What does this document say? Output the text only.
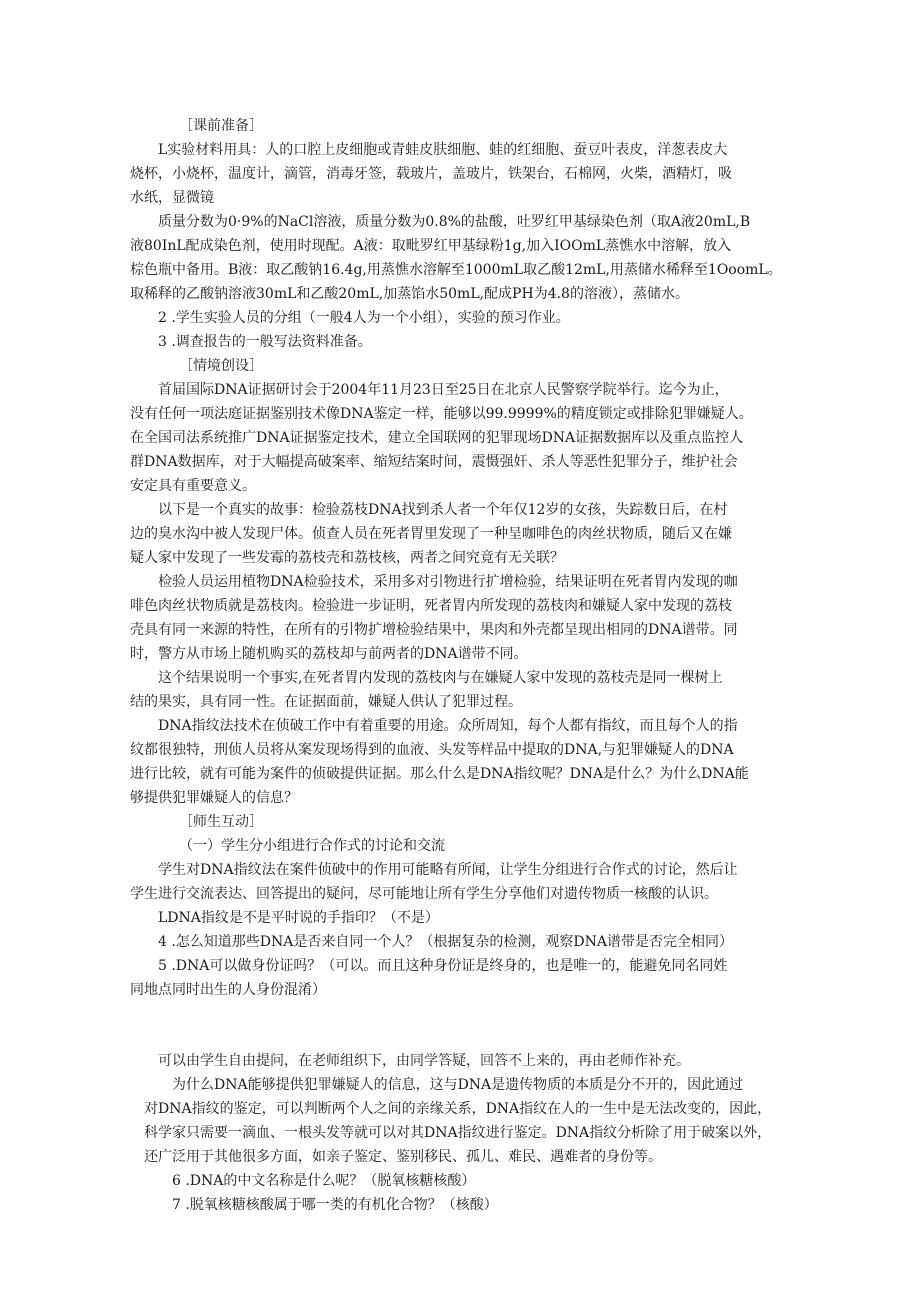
　　　　［课前准备］
　　L实验材料用具：人的口腔上皮细胞或青蛙皮肤细胞、蛙的红细胞、蚕豆叶表皮，洋葱表皮大
烧杯，小烧杯，温度计，滴管，消毒牙签，载玻片，盖玻片，铁架台，石棉网，火柴，酒精灯，吸
水纸，显微镜
　　质量分数为0·9%的NaCl溶液，质量分数为0.8%的盐酸，吐罗红甲基绿染色剂（取A液20mL,B
液80InL配成染色剂，使用时现配。A液：取毗罗红甲基绿粉1g,加入IOOmL蒸憔水中溶解，放入
棕色瓶中备用。B液：取乙酸钠16.4g,用蒸憔水溶解至1000mL取乙酸12mL,用蒸储水稀释至1OoomL。
取稀释的乙酸钠溶液30mL和乙酸20mL,加蒸馅水50mL,配成PH为4.8的溶液），蒸储水。
　　2 .学生实验人员的分组（一般4人为一个小组），实验的预习作业。
　　3 .调查报告的一般写法资料准备。
　　　　［情境创设］
　　首届国际DNA证据研讨会于2004年11月23日至25日在北京人民警察学院举行。迄今为止，
没有任何一项法庭证据鉴别技术像DNA鉴定一样，能够以99.9999%的精度锁定或排除犯罪嫌疑人。
在全国司法系统推广DNA证据鉴定技术，建立全国联网的犯罪现场DNA证据数据库以及重点监控人
群DNA数据库，对于大幅提高破案率、缩短结案时间，震慑强奸、杀人等恶性犯罪分子，维护社会
安定具有重要意义。
　　以下是一个真实的故事：检验荔枝DNA找到杀人者一个年仅12岁的女孩，失踪数日后，在村
边的臭水沟中被人发现尸体。侦查人员在死者胃里发现了一种呈咖啡色的肉丝状物质，随后又在嫌
疑人家中发现了一些发霉的荔枝壳和荔枝核，两者之间究竟有无关联？
　　检验人员运用植物DNA检验技术，采用多对引物进行扩增检验，结果证明在死者胃内发现的咖
啡色肉丝状物质就是荔枝肉。检验进一步证明，死者胃内所发现的荔枝肉和嫌疑人家中发现的荔枝
壳具有同一来源的特性，在所有的引物扩增检验结果中，果肉和外壳都呈现出相同的DNA谱带。同
时，警方从市场上随机购买的荔枝却与前两者的DNA谱带不同。
　　这个结果说明一个事实,在死者胃内发现的荔枝肉与在嫌疑人家中发现的荔枝壳是同一棵树上
结的果实，具有同一性。在证据面前，嫌疑人供认了犯罪过程。
　　DNA指纹法技术在侦破工作中有着重要的用途。众所周知，每个人都有指纹，而且每个人的指
纹都很独特，刑侦人员将从案发现场得到的血液、头发等样品中提取的DNA,与犯罪嫌疑人的DNA
进行比较，就有可能为案件的侦破提供证据。那么什么是DNA指纹呢？DNA是什么？为什么DNA能
够提供犯罪嫌疑人的信息？
　　　　［师生互动］
　　　　（一）学生分小组进行合作式的讨论和交流
　　学生对DNA指纹法在案件侦破中的作用可能略有所闻，让学生分组进行合作式的讨论，然后让
学生进行交流表达、回答提出的疑问，尽可能地让所有学生分享他们对遗传物质一核酸的认识。
　　LDNA指纹是不是平时说的手指印？（不是）
　　4 .怎么知道那些DNA是否来自同一个人？（根据复杂的检测，观察DNA谱带是否完全相同）
　　5 .DNA可以做身份证吗？（可以。而且这种身份证是终身的，也是唯一的，能避免同名同姓
同地点同时出生的人身份混淆）
　　可以由学生自由提问，在老师组织下，由同学答疑，回答不上来的，再由老师作补充。
　　　为什么DNA能够提供犯罪嫌疑人的信息，这与DNA是遗传物质的本质是分不开的，因此通过
　对DNA指纹的鉴定，可以判断两个人之间的亲缘关系，DNA指纹在人的一生中是无法改变的，因此，
　科学家只需要一滴血、一根头发等就可以对其DNA指纹进行鉴定。DNA指纹分析除了用于破案以外，
　还广泛用于其他很多方面，如亲子鉴定、鉴别移民、孤儿、难民、遇难者的身份等。
　　　6 .DNA的中文名称是什么呢？（脱氧核糖核酸）
　　　7 .脱氧核糖核酸属于哪一类的有机化合物？（核酸）
